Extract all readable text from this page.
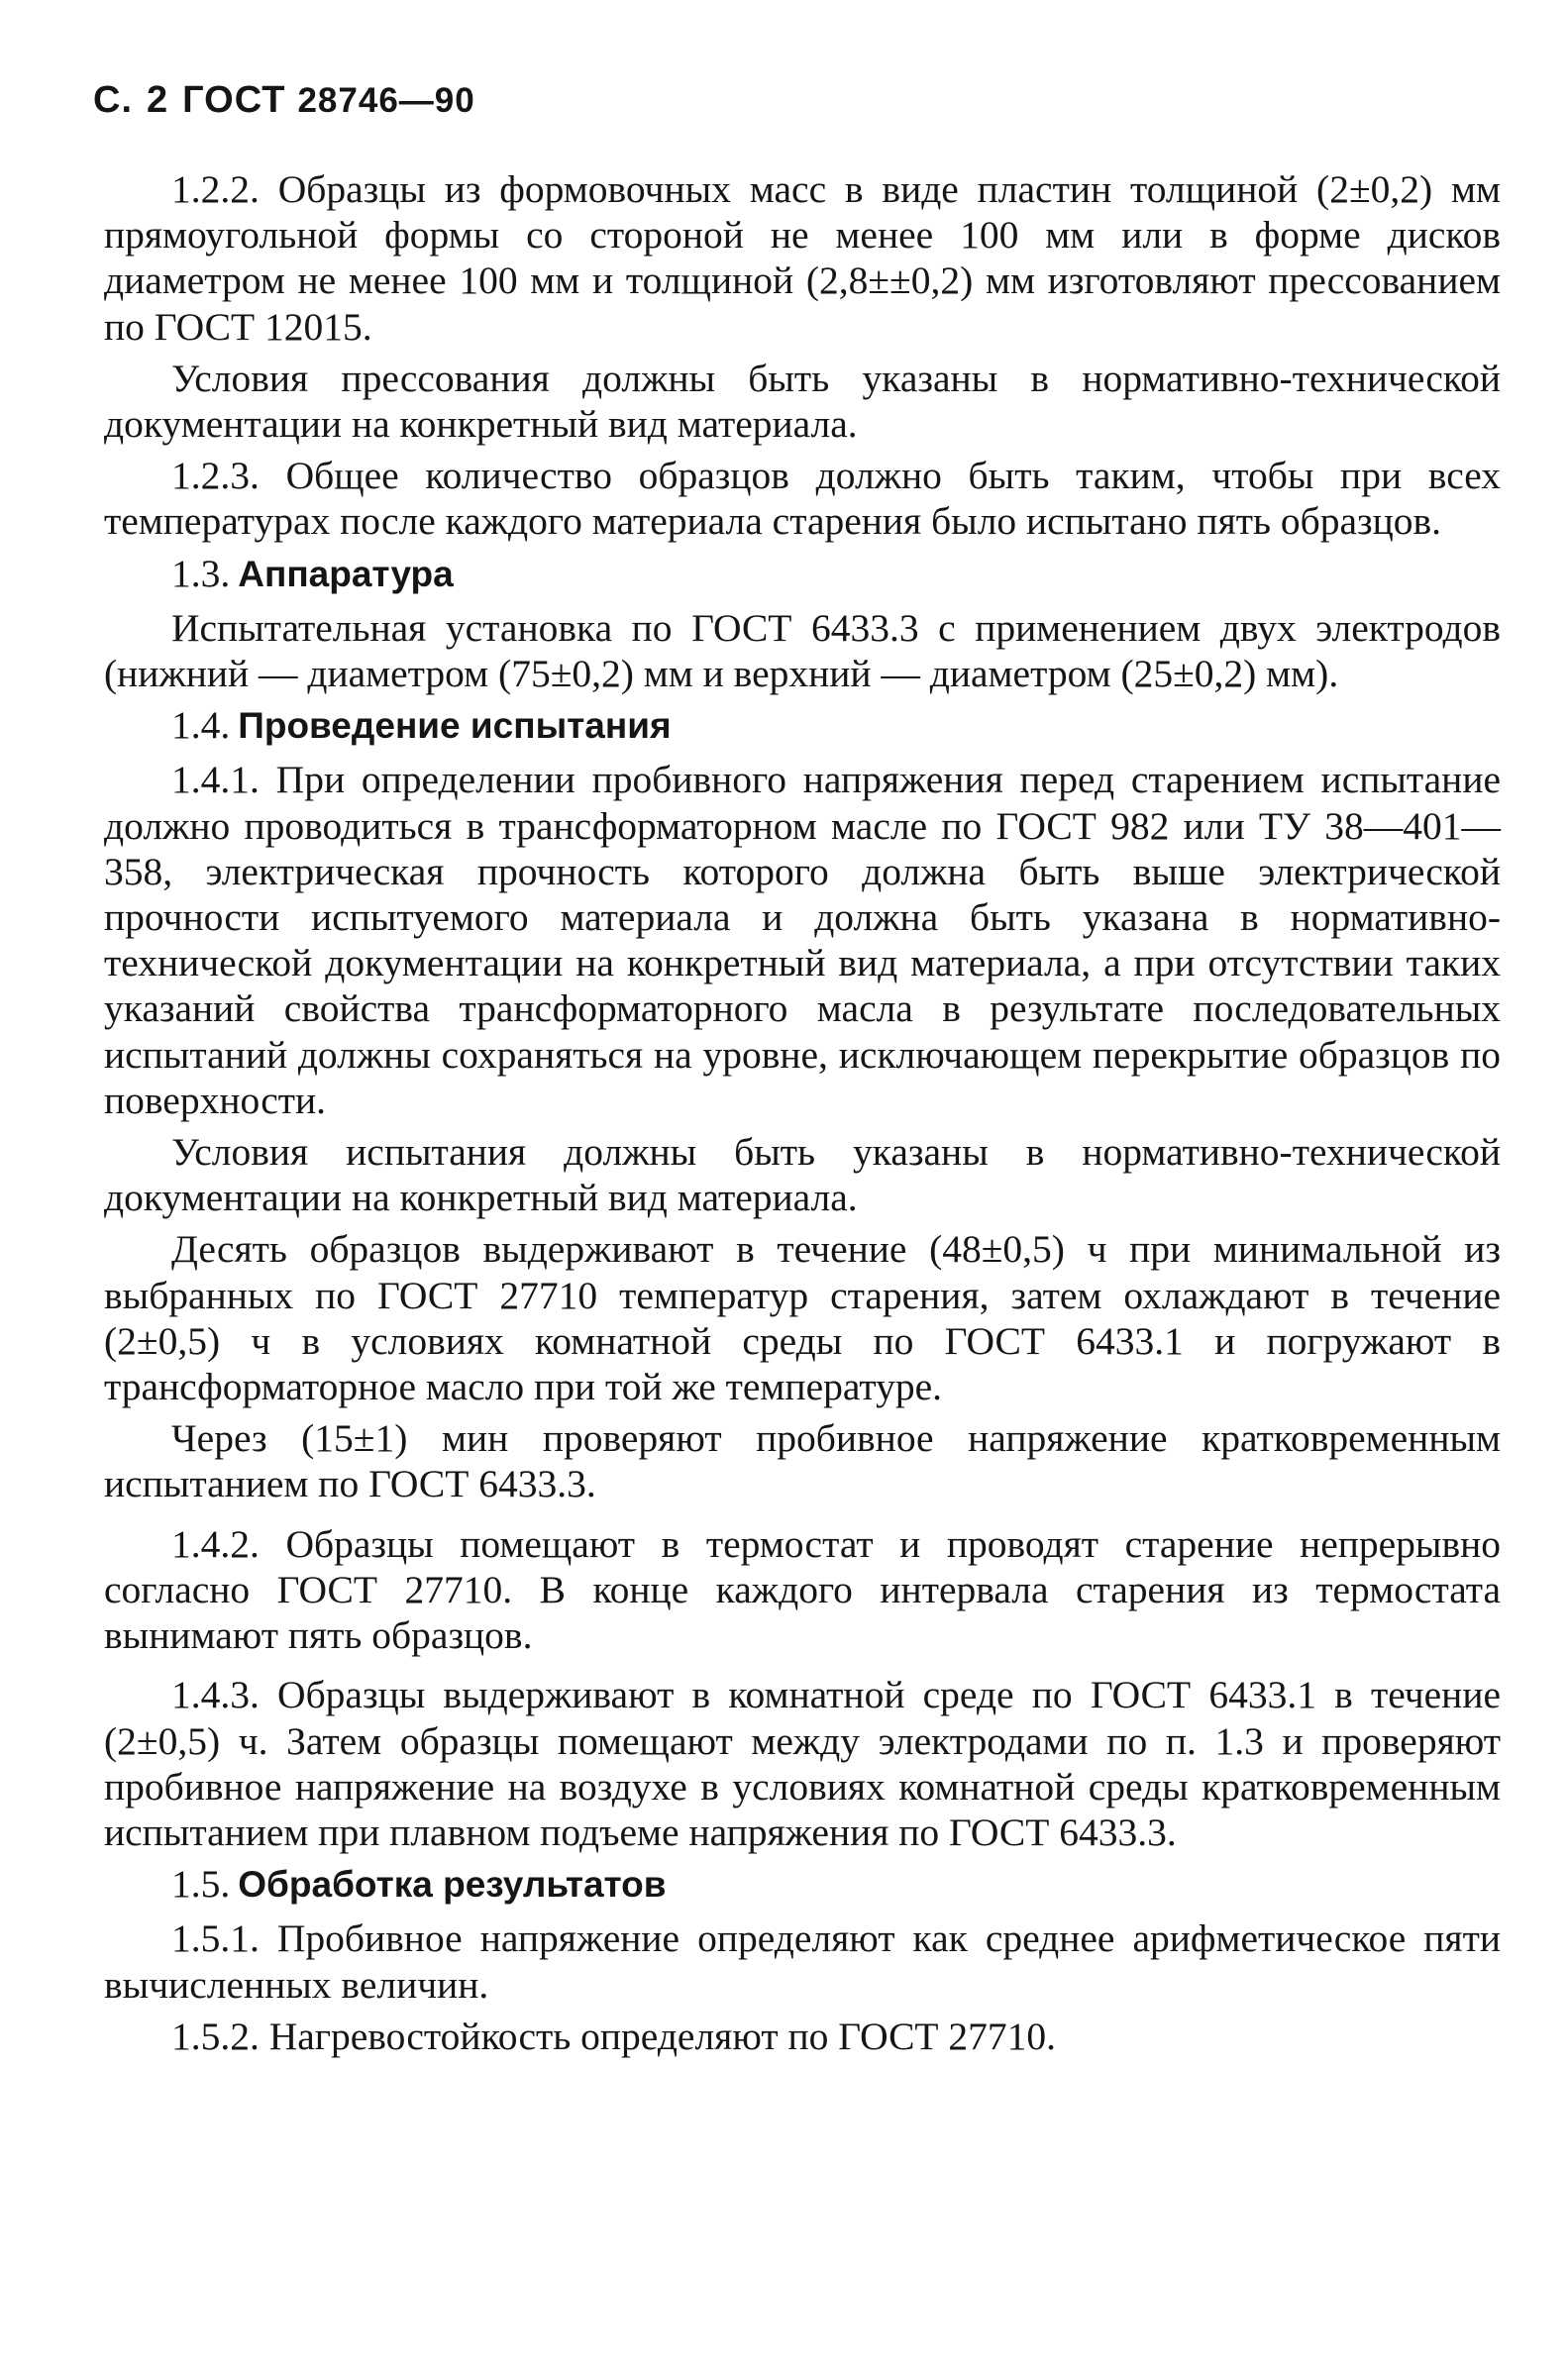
С. 2 ГОСТ 28746—90

1.2.2. Образцы из формовочных масс в виде пластин толщиной (2±0,2) мм прямоугольной формы со стороной не менее 100 мм или в форме дисков диаметром не менее 100 мм и толщиной (2,8±±0,2) мм изготовляют прессованием по ГОСТ 12015.

Условия прессования должны быть указаны в нормативно-технической документации на конкретный вид материала.

1.2.3. Общее количество образцов должно быть таким, чтобы при всех температурах после каждого материала старения было испытано пять образцов.

1.3. Аппаратура

Испытательная установка по ГОСТ 6433.3 с применением двух электродов (нижний — диаметром (75±0,2) мм и верхний — диаметром (25±0,2) мм).

1.4. Проведение испытания

1.4.1. При определении пробивного напряжения перед старением испытание должно проводиться в трансформаторном масле по ГОСТ 982 или ТУ 38—401—358, электрическая прочность которого должна быть выше электрической прочности испытуемого материала и должна быть указана в нормативно-технической документации на конкретный вид материала, а при отсутствии таких указаний свойства трансформаторного масла в результате последовательных испытаний должны сохраняться на уровне, исключающем перекрытие образцов по поверхности.

Условия испытания должны быть указаны в нормативно-технической документации на конкретный вид материала.

Десять образцов выдерживают в течение (48±0,5) ч при минимальной из выбранных по ГОСТ 27710 температур старения, затем охлаждают в течение (2±0,5) ч в условиях комнатной среды по ГОСТ 6433.1 и погружают в трансформаторное масло при той же температуре.

Через (15±1) мин проверяют пробивное напряжение кратковременным испытанием по ГОСТ 6433.3.

1.4.2. Образцы помещают в термостат и проводят старение непрерывно согласно ГОСТ 27710. В конце каждого интервала старения из термостата вынимают пять образцов.

1.4.3. Образцы выдерживают в комнатной среде по ГОСТ 6433.1 в течение (2±0,5) ч. Затем образцы помещают между электродами по п. 1.3 и проверяют пробивное напряжение на воздухе в условиях комнатной среды кратковременным испытанием при плавном подъеме напряжения по ГОСТ 6433.3.

1.5. Обработка результатов

1.5.1. Пробивное напряжение определяют как среднее арифметическое пяти вычисленных величин.

1.5.2. Нагревостойкость определяют по ГОСТ 27710.
